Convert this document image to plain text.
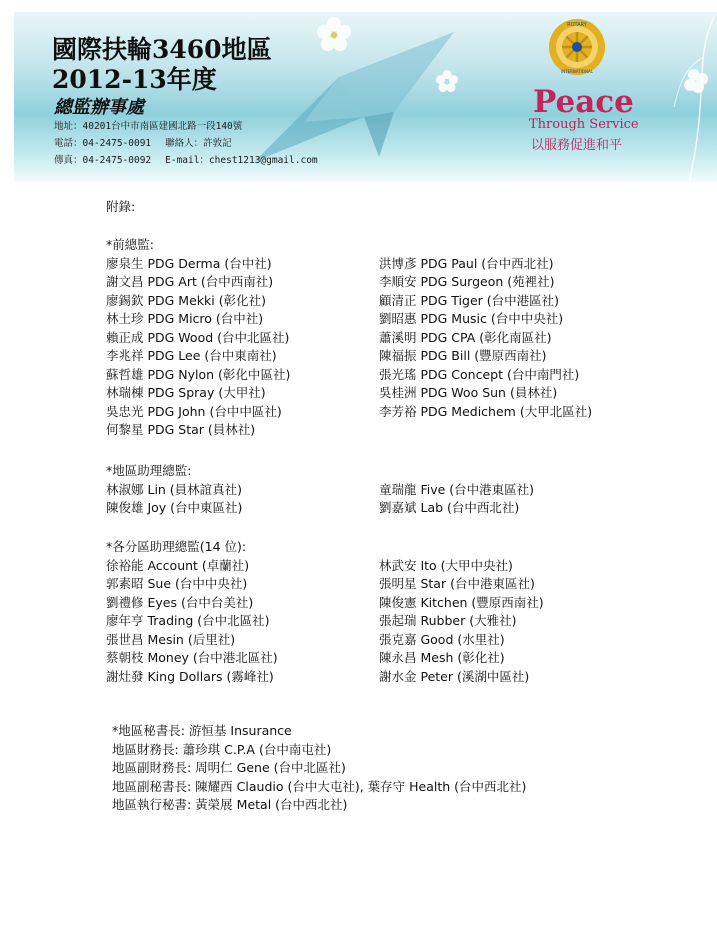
國際扶輪3460地區
2012-13年度
總監辦事處
地址：40201台中市南區建國北路一段140號
電話：04-2475-0091 聯絡人：許敦記
傳真：04-2475-0092 E-mail：chest1213@gmail.com
ROTARY
INTERNATIONAL
Peace
Through Service
以服務促進和平
附錄:
*前總監:
廖泉生 PDG Derma (台中社)
謝文昌 PDG Art (台中西南社)
廖錫欽 PDG Mekki (彰化社)
林土珍 PDG Micro (台中社)
賴正成 PDG Wood (台中北區社)
李兆祥 PDG Lee (台中東南社)
蘇哲雄 PDG Nylon (彰化中區社)
林瑞棟 PDG Spray (大甲社)
吳忠光 PDG John (台中中區社)
何黎星 PDG Star (員林社)
洪博彥 PDG Paul (台中西北社)
李順安 PDG Surgeon (苑裡社)
顧清正 PDG Tiger (台中港區社)
劉昭惠 PDG Music (台中中央社)
蕭溪明 PDG CPA (彰化南區社)
陳福振 PDG Bill (豐原西南社)
張光瑤 PDG Concept (台中南門社)
吳桂洲 PDG Woo Sun (員林社)
李芳裕 PDG Medichem (大甲北區社)
*地區助理總監:
林淑娜 Lin (員林誼真社)
陳俊雄 Joy (台中東區社)
童瑞龍 Five (台中港東區社)
劉嘉斌 Lab (台中西北社)
*各分區助理總監(14 位):
徐裕能 Account (卓蘭社)
郭素昭 Sue (台中中央社)
劉禮修 Eyes (台中台美社)
廖年亨 Trading (台中北區社)
張世昌 Mesin (后里社)
蔡朝枝 Money (台中港北區社)
謝灶發 King Dollars (霧峰社)
林武安 Ito (大甲中央社)
張明星 Star (台中港東區社)
陳俊憲 Kitchen (豐原西南社)
張起瑞 Rubber (大雅社)
張克嘉 Good (水里社)
陳永昌 Mesh (彰化社)
謝水金 Peter (溪湖中區社)
*地區秘書長: 游恒基 Insurance
地區財務長: 蕭珍琪 C.P.A (台中南屯社)
地區副財務長: 周明仁 Gene (台中北區社)
地區副秘書長: 陳耀西 Claudio (台中大屯社), 葉存守 Health (台中西北社)
地區執行秘書: 黃榮展 Metal (台中西北社)
